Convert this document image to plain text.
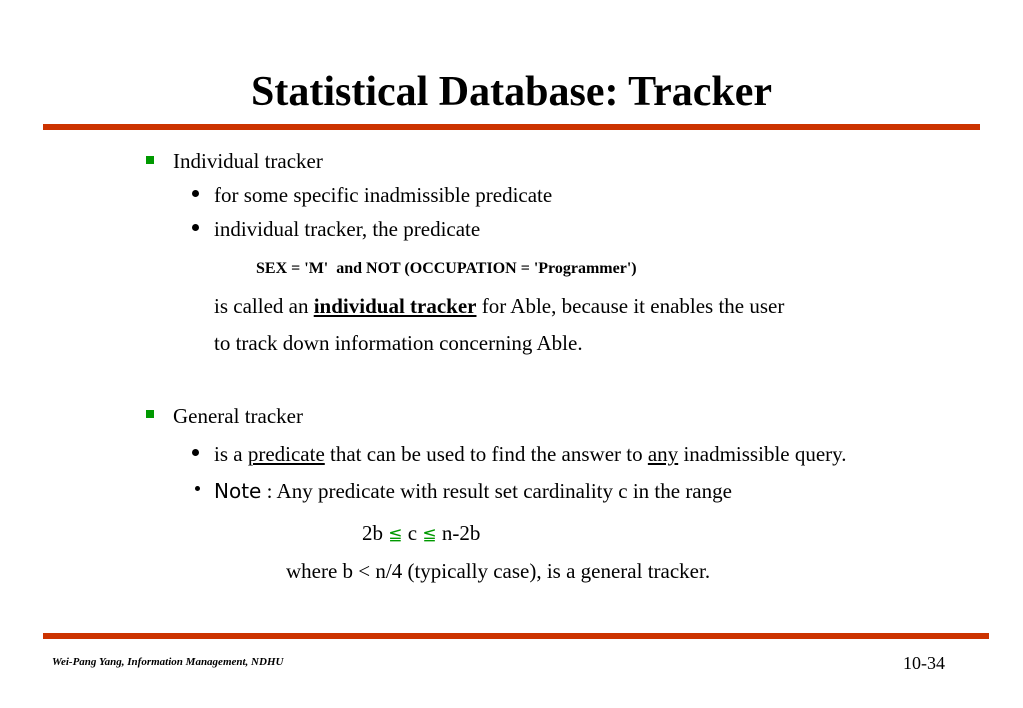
Statistical Database: Tracker
Individual tracker
for some specific inadmissible predicate
individual tracker, the predicate
SEX = 'M'  and NOT (OCCUPATION = 'Programmer')
is called an individual tracker for Able, because it enables the user
to track down information concerning Able.
General tracker
is a predicate that can be used to find the answer to any inadmissible query.
Note : Any predicate with result set cardinality c in the range
2b ≦ c ≦ n-2b
where b < n/4 (typically case), is a general tracker.
Wei-Pang Yang, Information Management, NDHU	10-34
